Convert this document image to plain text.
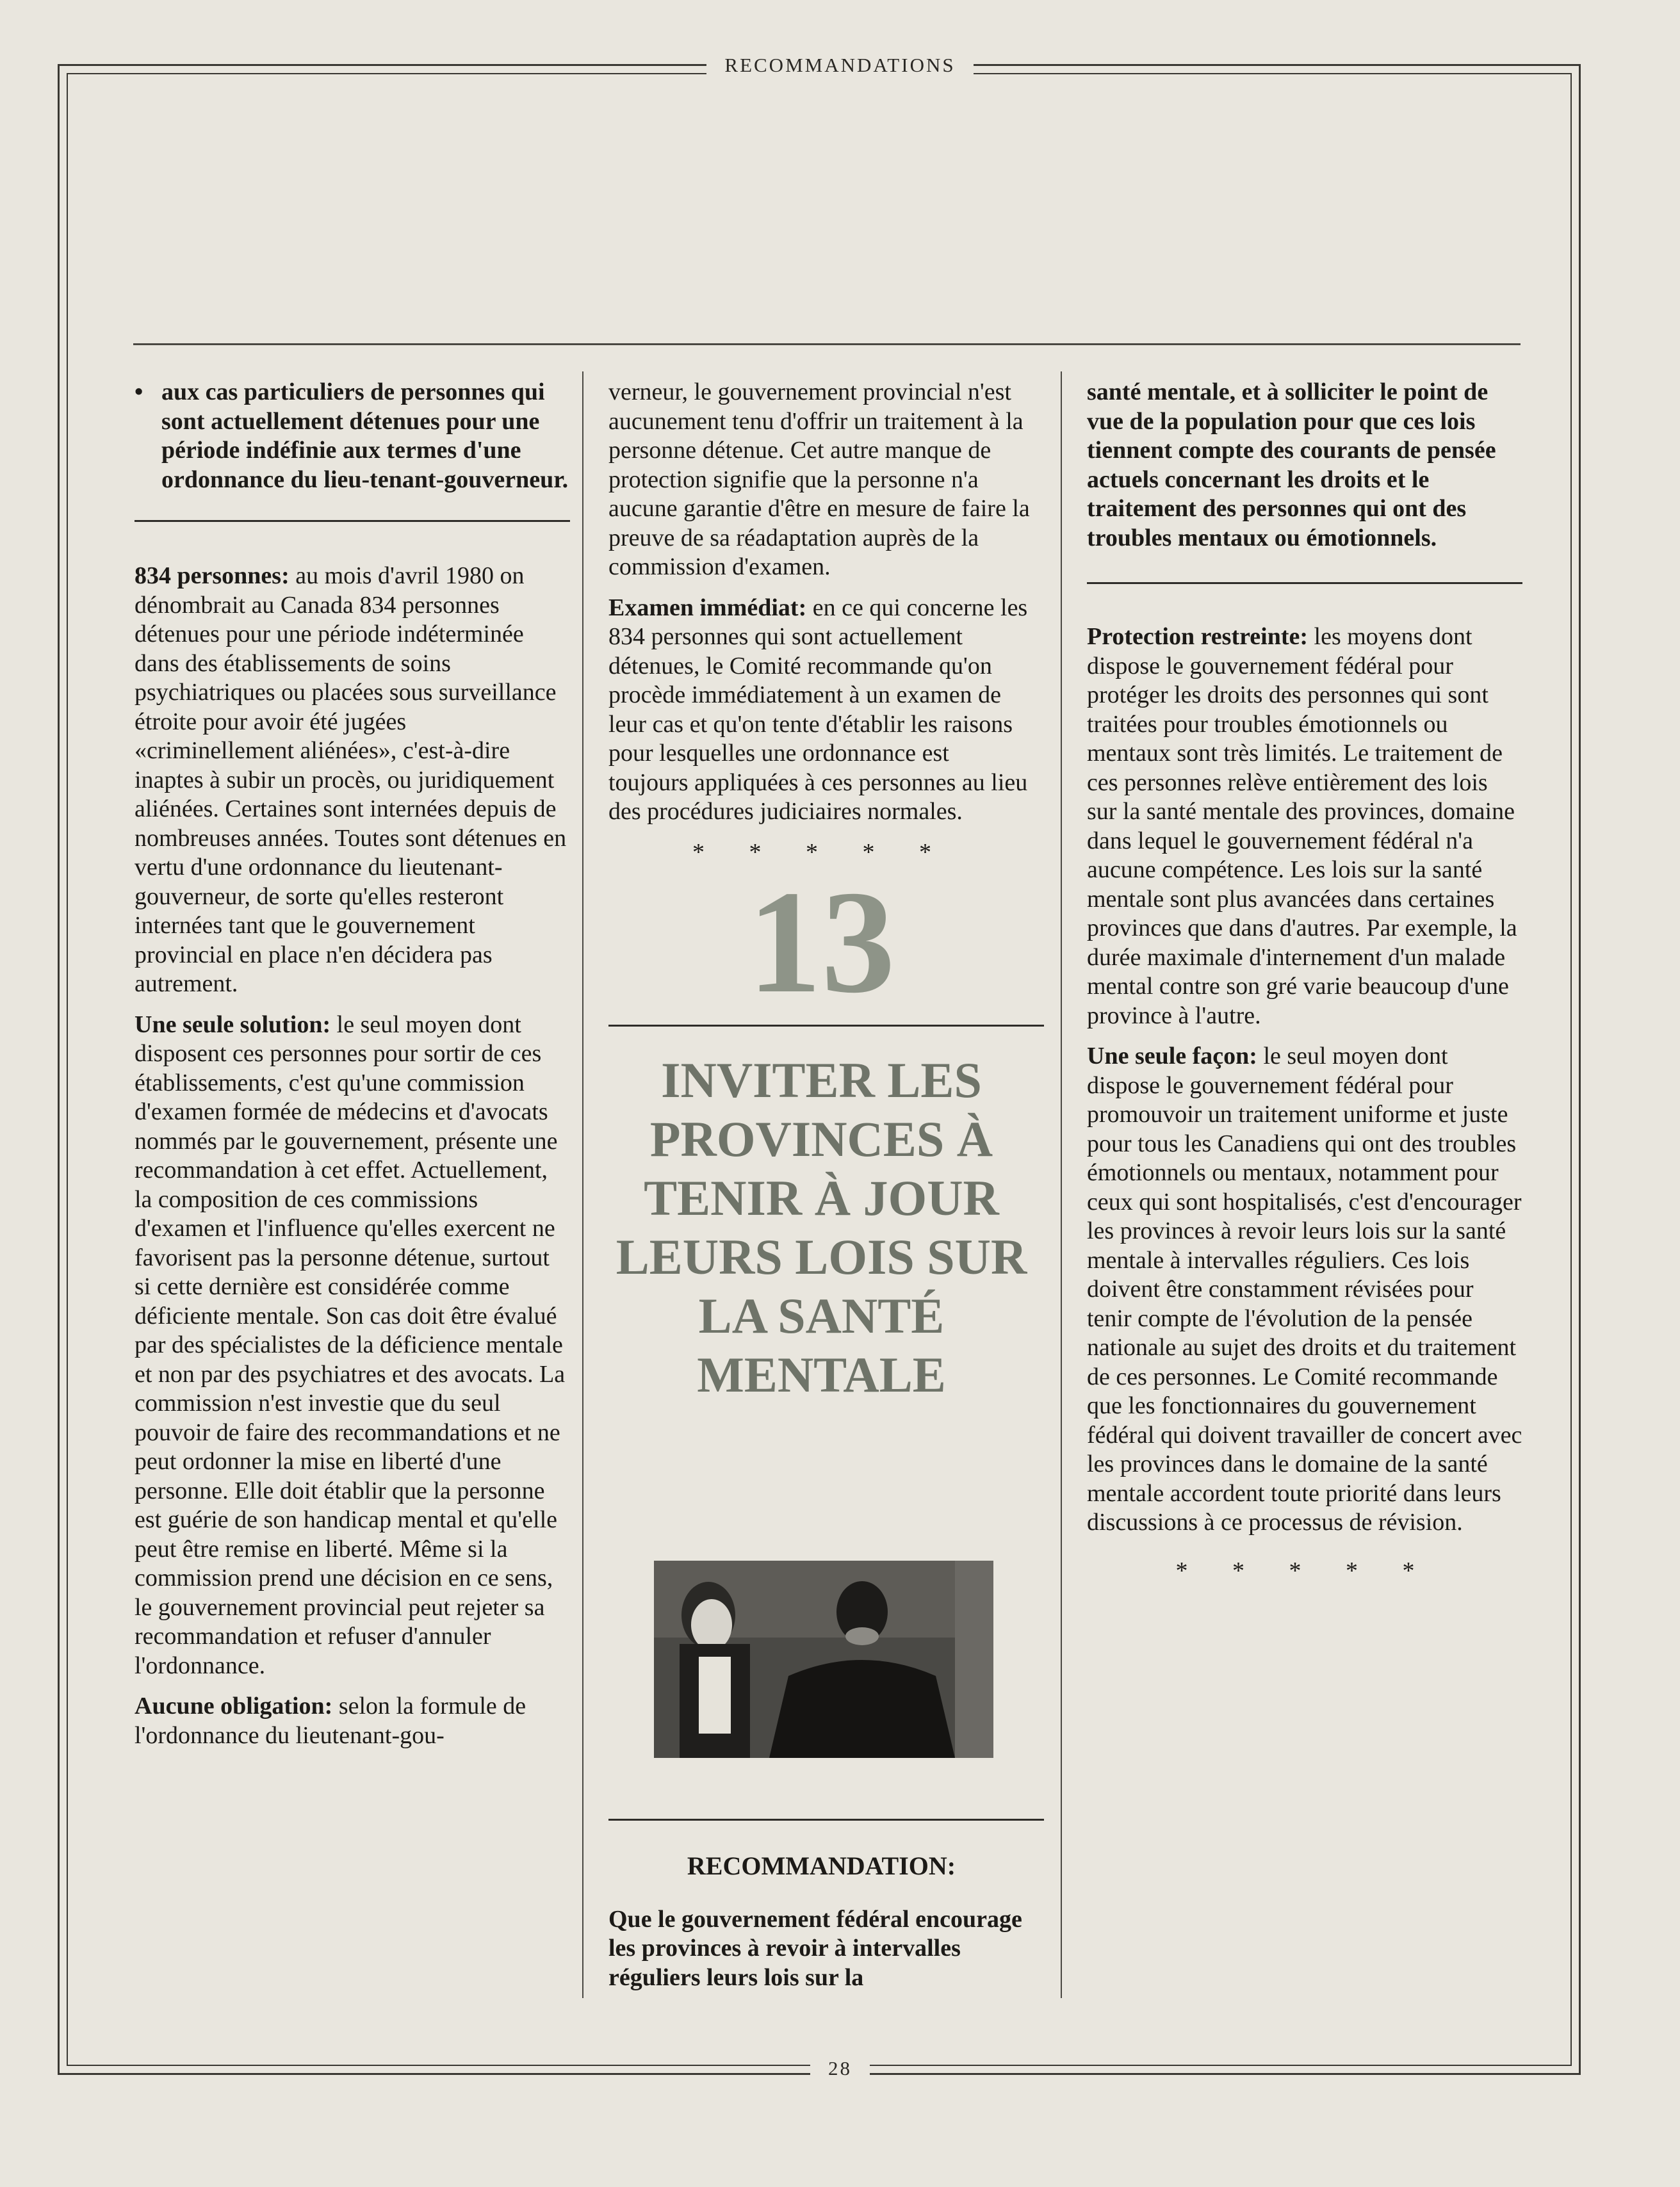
RECOMMANDATIONS
• aux cas particuliers de personnes qui sont actuellement détenues pour une période indéfinie aux termes d'une ordonnance du lieu-tenant-gouverneur.

834 personnes: au mois d'avril 1980 on dénombrait au Canada 834 personnes détenues pour une période indéterminée dans des établissements de soins psychiatriques ou placées sous surveillance étroite pour avoir été jugées «criminellement aliénées», c'est-à-dire inaptes à subir un procès, ou juridiquement aliénées. Certaines sont internées depuis de nombreuses années. Toutes sont détenues en vertu d'une ordonnance du lieutenant-gouverneur, de sorte qu'elles resteront internées tant que le gouvernement provincial en place n'en décidera pas autrement.

Une seule solution: le seul moyen dont disposent ces personnes pour sortir de ces établissements, c'est qu'une commission d'examen formée de médecins et d'avocats nommés par le gouvernement, présente une recommandation à cet effet. Actuellement, la composition de ces commissions d'examen et l'influence qu'elles exercent ne favorisent pas la personne détenue, surtout si cette dernière est considérée comme déficiente mentale. Son cas doit être évalué par des spécialistes de la déficience mentale et non par des psychiatres et des avocats. La commission n'est investie que du seul pouvoir de faire des recommandations et ne peut ordonner la mise en liberté d'une personne. Elle doit établir que la personne est guérie de son handicap mental et qu'elle peut être remise en liberté. Même si la commission prend une décision en ce sens, le gouvernement provincial peut rejeter sa recommandation et refuser d'annuler l'ordonnance.

Aucune obligation: selon la formule de l'ordonnance du lieutenant-gou-

verneur, le gouvernement provincial n'est aucunement tenu d'offrir un traitement à la personne détenue. Cet autre manque de protection signifie que la personne n'a aucune garantie d'être en mesure de faire la preuve de sa réadaptation auprès de la commission d'examen.

Examen immédiat: en ce qui concerne les 834 personnes qui sont actuellement détenues, le Comité recommande qu'on procède immédiatement à un examen de leur cas et qu'on tente d'établir les raisons pour lesquelles une ordonnance est toujours appliquées à ces personnes au lieu des procédures judiciaires normales.

* * * * *
13
INVITER LES
PROVINCES À
TENIR À JOUR
LEURS LOIS SUR
LA SANTÉ
MENTALE
RECOMMANDATION:

Que le gouvernement fédéral encourage les provinces à revoir à intervalles réguliers leurs lois sur la

santé mentale, et à solliciter le point de vue de la population pour que ces lois tiennent compte des courants de pensée actuels concernant les droits et le traitement des personnes qui ont des troubles mentaux ou émotionnels.

Protection restreinte: les moyens dont dispose le gouvernement fédéral pour protéger les droits des personnes qui sont traitées pour troubles émotionnels ou mentaux sont très limités. Le traitement de ces personnes relève entièrement des lois sur la santé mentale des provinces, domaine dans lequel le gouvernement fédéral n'a aucune compétence. Les lois sur la santé mentale sont plus avancées dans certaines provinces que dans d'autres. Par exemple, la durée maximale d'internement d'un malade mental contre son gré varie beaucoup d'une province à l'autre.

Une seule façon: le seul moyen dont dispose le gouvernement fédéral pour promouvoir un traitement uniforme et juste pour tous les Canadiens qui ont des troubles émotionnels ou mentaux, notamment pour ceux qui sont hospitalisés, c'est d'encourager les provinces à revoir leurs lois sur la santé mentale à intervalles réguliers. Ces lois doivent être constamment révisées pour tenir compte de l'évolution de la pensée nationale au sujet des droits et du traitement de ces personnes. Le Comité recommande que les fonctionnaires du gouvernement fédéral qui doivent travailler de concert avec les provinces dans le domaine de la santé mentale accordent toute priorité dans leurs discussions à ce processus de révision.

* * * * *
28
